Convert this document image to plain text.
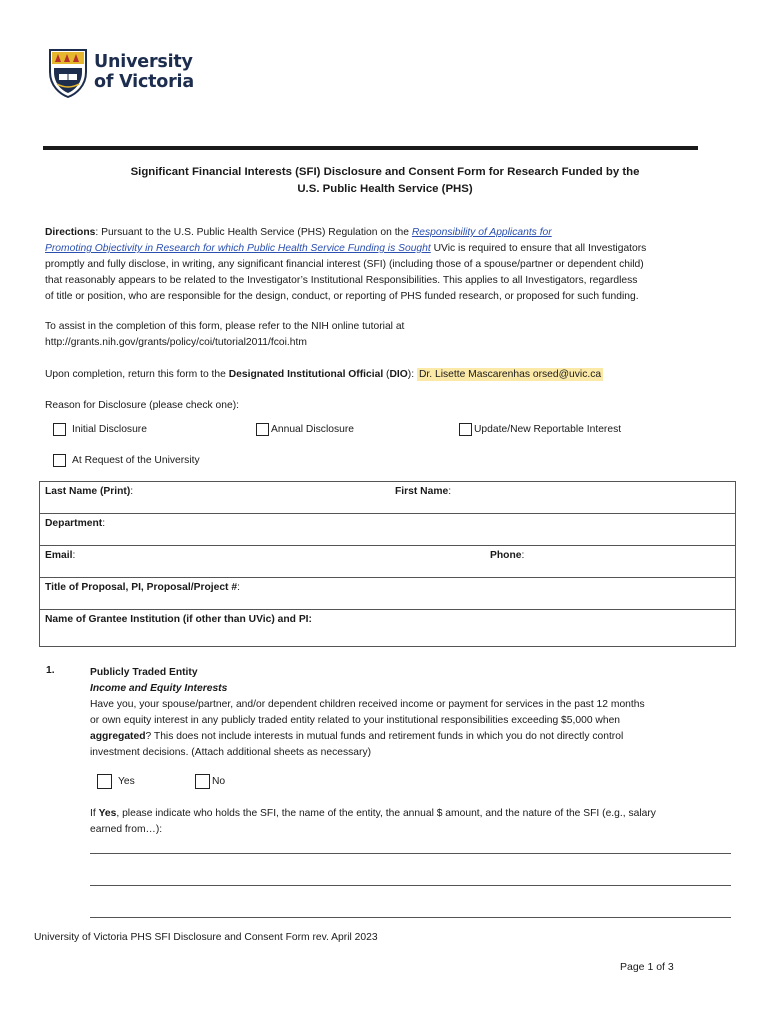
University
of Victoria
Significant Financial Interests (SFI) Disclosure and Consent Form for Research Funded by the
U.S. Public Health Service (PHS)
Directions: Pursuant to the U.S. Public Health Service (PHS) Regulation on the Responsibility of Applicants for
Promoting Objectivity in Research for which Public Health Service Funding is Sought UVic is required to ensure that all Investigators
promptly and fully disclose, in writing, any significant financial interest (SFI) (including those of a spouse/partner or dependent child)
that reasonably appears to be related to the Investigator’s Institutional Responsibilities. This applies to all Investigators, regardless
of title or position, who are responsible for the design, conduct, or reporting of PHS funded research, or proposed for such funding.
To assist in the completion of this form, please refer to the NIH online tutorial at
http://grants.nih.gov/grants/policy/coi/tutorial2011/fcoi.htm
Upon completion, return this form to the Designated Institutional Official (DIO): Dr. Lisette Mascarenhas orsed@uvic.ca
Reason for Disclosure (please check one):
Initial Disclosure	Annual Disclosure	Update/New Reportable Interest
At Request of the University
Last Name (Print):	First Name:
Department:	
Email:	Phone:
Title of Proposal, PI, Proposal/Project #:	
Name of Grantee Institution (if other than UVic) and PI:	
1.	Publicly Traded Entity
Income and Equity Interests
Have you, your spouse/partner, and/or dependent children received income or payment for services in the past 12 months
or own equity interest in any publicly traded entity related to your institutional responsibilities exceeding $5,000 when
aggregated? This does not include interests in mutual funds and retirement funds in which you do not directly control
investment decisions. (Attach additional sheets as necessary)
Yes	No
If Yes, please indicate who holds the SFI, the name of the entity, the annual $ amount, and the nature of the SFI (e.g., salary
earned from…):
University of Victoria PHS SFI Disclosure and Consent Form rev. April 2023
Page 1 of 3
